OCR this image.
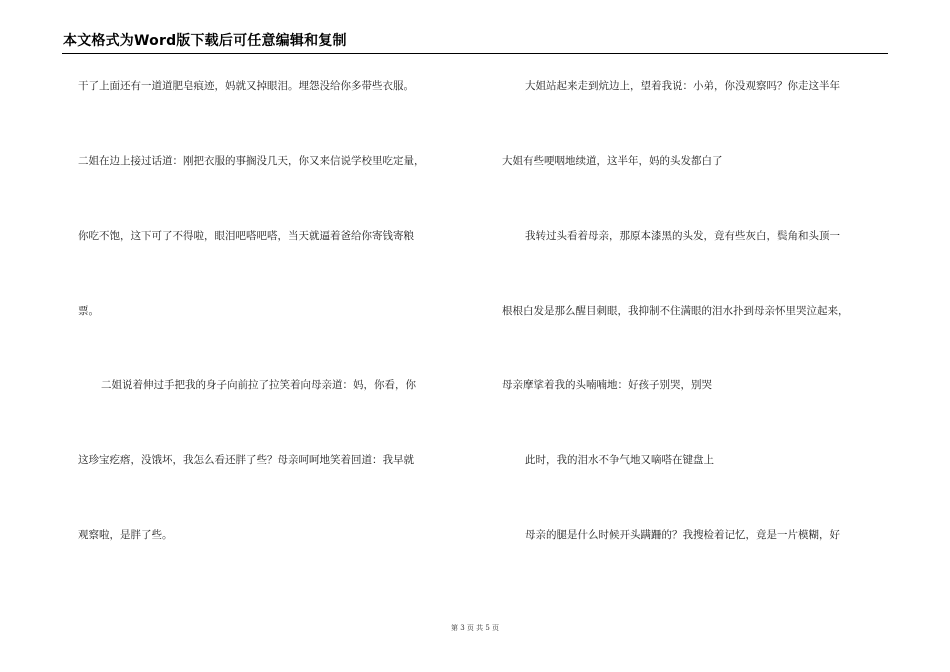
本文格式为Word版下载后可任意编辑和复制
干了上面还有一道道肥皂痕迹，妈就又掉眼泪。埋怨没给你多带些衣服。
二姐在边上接过话道：刚把衣服的事搁没几天，你又来信说学校里吃定量，
你吃不饱，这下可了不得啦，眼泪吧嗒吧嗒，当天就逼着爸给你寄钱寄粮
票。
二姐说着伸过手把我的身子向前拉了拉笑着向母亲道：妈，你看，你
这珍宝疙瘩，没饿坏，我怎么看还胖了些？母亲呵呵地笑着回道：我早就
观察啦，是胖了些。
大姐站起来走到炕边上，望着我说：小弟，你没观察吗？你走这半年
大姐有些哽咽地续道，这半年，妈的头发都白了
我转过头看着母亲，那原本漆黑的头发，竟有些灰白，鬓角和头顶一
根根白发是那么醒目刺眼，我抑制不住满眼的泪水扑到母亲怀里哭泣起来，
母亲摩挲着我的头喃喃地：好孩子别哭，别哭
此时，我的泪水不争气地又嘀嗒在键盘上
母亲的腿是什么时候开头蹒跚的？我搜检着记忆，竟是一片模糊，好
第 3 页 共 5 页
